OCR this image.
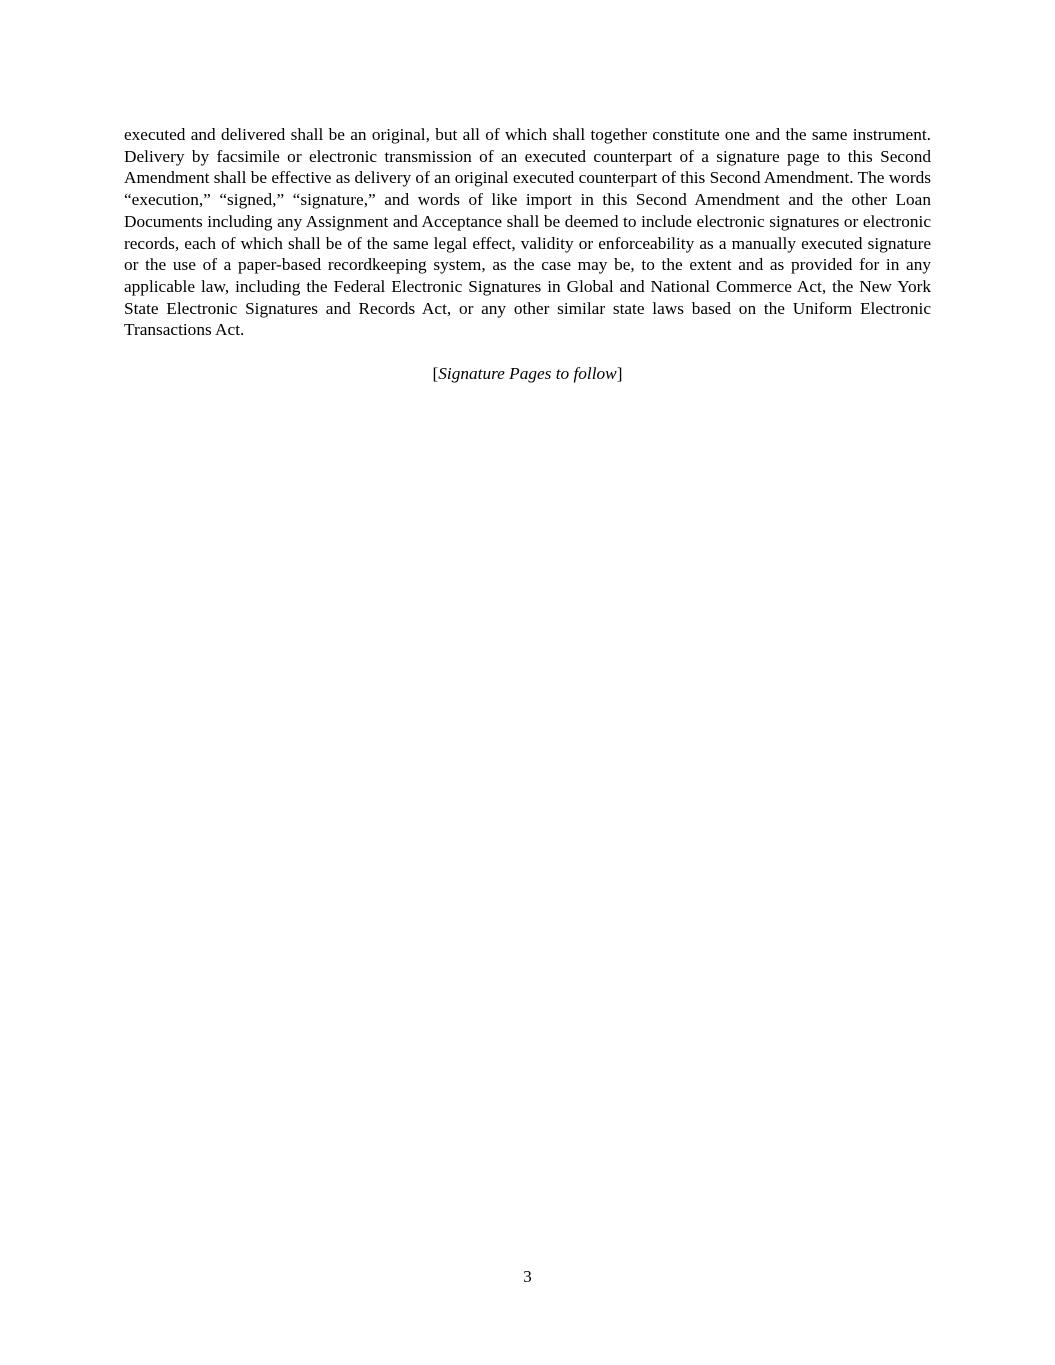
executed and delivered shall be an original, but all of which shall together constitute one and the same instrument. Delivery by facsimile or electronic transmission of an executed counterpart of a signature page to this Second Amendment shall be effective as delivery of an original executed counterpart of this Second Amendment. The words “execution,” “signed,” “signature,” and words of like import in this Second Amendment and the other Loan Documents including any Assignment and Acceptance shall be deemed to include electronic signatures or electronic records, each of which shall be of the same legal effect, validity or enforceability as a manually executed signature or the use of a paper-based recordkeeping system, as the case may be, to the extent and as provided for in any applicable law, including the Federal Electronic Signatures in Global and National Commerce Act, the New York State Electronic Signatures and Records Act, or any other similar state laws based on the Uniform Electronic Transactions Act.

[Signature Pages to follow]

3
